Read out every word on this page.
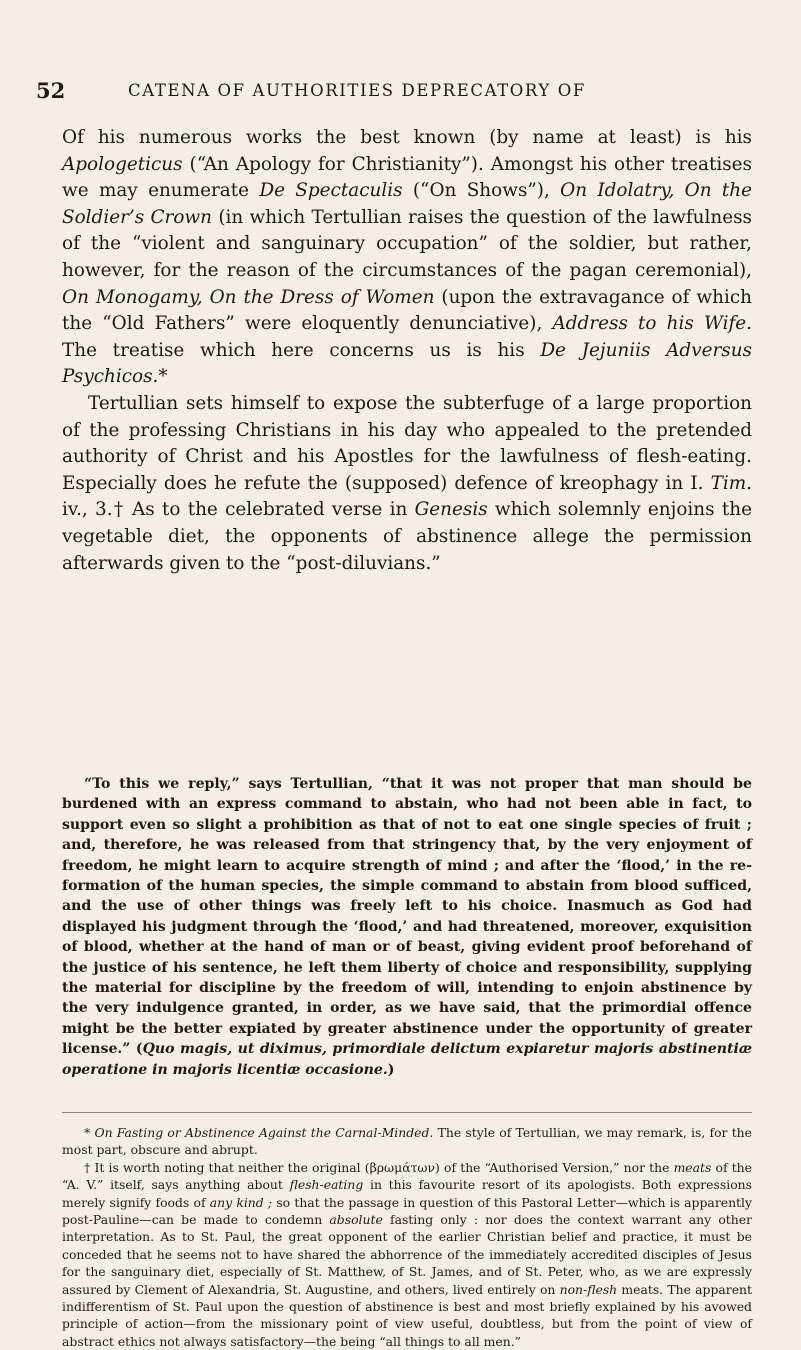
52	CATENA OF AUTHORITIES DEPRECATORY OF

Of his numerous works the best known (by name at least) is his Apologeticus (“An Apology for Christianity”). Amongst his other treatises we may enumerate De Spectaculis (“On Shows”), On Idolatry, On the Soldier’s Crown (in which Tertullian raises the question of the lawfulness of the “violent and sanguinary occupation” of the soldier, but rather, however, for the reason of the circumstances of the pagan ceremonial), On Monogamy, On the Dress of Women (upon the extravagance of which the “Old Fathers” were eloquently denunciative), Address to his Wife. The treatise which here concerns us is his De Jejuniis Adversus Psychicos.*

Tertullian sets himself to expose the subterfuge of a large proportion of the professing Christians in his day who appealed to the pretended authority of Christ and his Apostles for the lawfulness of flesh-eating. Especially does he refute the (supposed) defence of kreophagy in I. Tim. iv., 3.† As to the celebrated verse in Genesis which solemnly enjoins the vegetable diet, the opponents of abstinence allege the permission afterwards given to the “post-diluvians.”

“To this we reply,” says Tertullian, “that it was not proper that man should be burdened with an express command to abstain, who had not been able in fact, to support even so slight a prohibition as that of not to eat one single species of fruit ; and, therefore, he was released from that stringency that, by the very enjoyment of freedom, he might learn to acquire strength of mind ; and after the ‘flood,’ in the re-formation of the human species, the simple command to abstain from blood sufficed, and the use of other things was freely left to his choice. Inasmuch as God had displayed his judgment through the ‘flood,’ and had threatened, moreover, exquisition of blood, whether at the hand of man or of beast, giving evident proof beforehand of the justice of his sentence, he left them liberty of choice and responsibility, supplying the material for discipline by the freedom of will, intending to enjoin abstinence by the very indulgence granted, in order, as we have said, that the primordial offence might be the better expiated by greater abstinence under the opportunity of greater license.” (Quo magis, ut diximus, primordiale delictum expiaretur majoris abstinentiæ operatione in majoris licentiæ occasione.)

* On Fasting or Abstinence Against the Carnal-Minded. The style of Tertullian, we may remark, is, for the most part, obscure and abrupt.

† It is worth noting that neither the original (βρωμάτων) of the “Authorised Version,” nor the meats of the “A. V.” itself, says anything about flesh-eating in this favourite resort of its apologists. Both expressions merely signify foods of any kind ; so that the passage in question of this Pastoral Letter—which is apparently post-Pauline—can be made to condemn absolute fasting only : nor does the context warrant any other interpretation. As to St. Paul, the great opponent of the earlier Christian belief and practice, it must be conceded that he seems not to have shared the abhorrence of the immediately accredited disciples of Jesus for the sanguinary diet, especially of St. Matthew, of St. James, and of St. Peter, who, as we are expressly assured by Clement of Alexandria, St. Augustine, and others, lived entirely on non-flesh meats. The apparent indifferentism of St. Paul upon the question of abstinence is best and most briefly explained by his avowed principle of action—from the missionary point of view useful, doubtless, but from the point of view of abstract ethics not always satisfactory—the being “all things to all men.”
